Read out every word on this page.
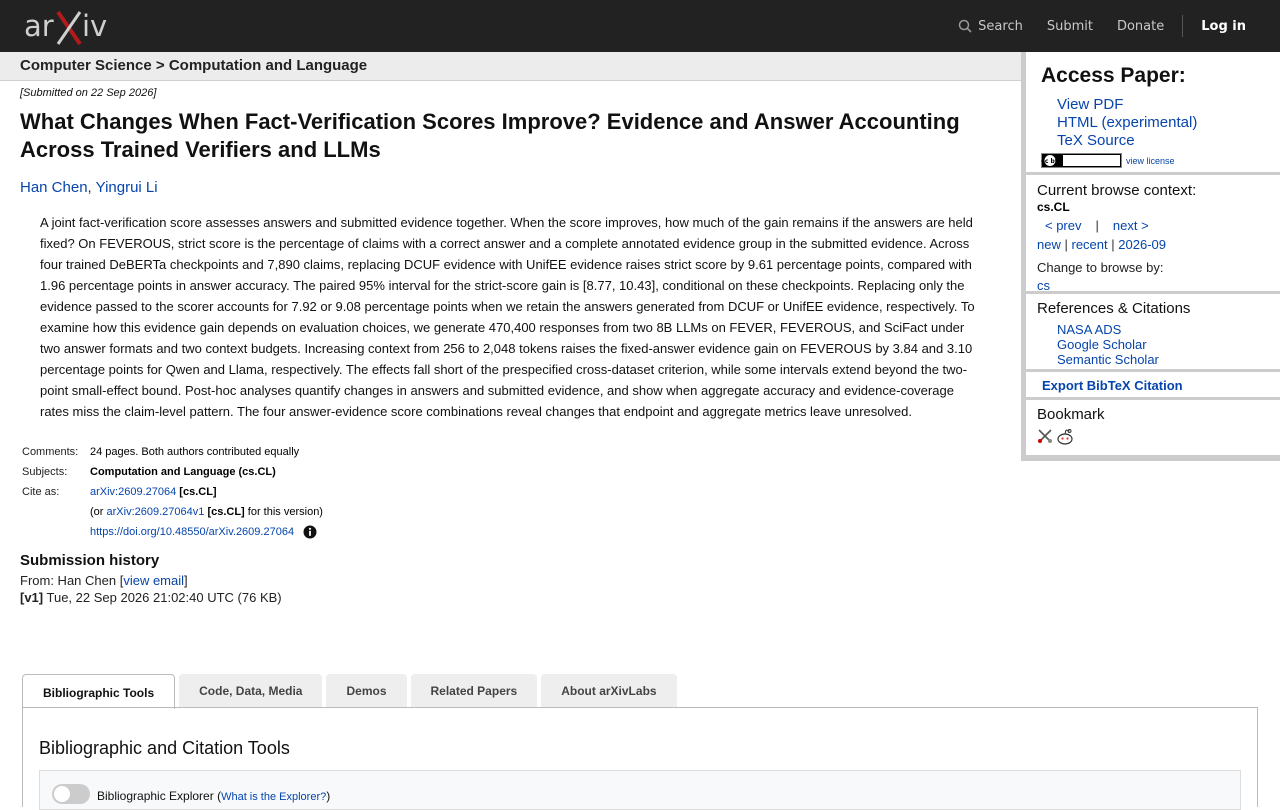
ar iv	Search Submit Donate	Log in
Computer Science > Computation and Language
[Submitted on 22 Sep 2026]
What Changes When Fact-Verification Scores Improve? Evidence and Answer Accounting Across Trained Verifiers and LLMs
Han Chen, Yingrui Li
A joint fact-verification score assesses answers and submitted evidence together. When the score improves, how much of the gain remains if the answers are held fixed? On FEVEROUS, strict score is the percentage of claims with a correct answer and a complete annotated evidence group in the submitted evidence. Across four trained DeBERTa checkpoints and 7,890 claims, replacing DCUF evidence with UnifEE evidence raises strict score by 9.61 percentage points, compared with 1.96 percentage points in answer accuracy. The paired 95% interval for the strict-score gain is [8.77, 10.43], conditional on these checkpoints. Replacing only the evidence passed to the scorer accounts for 7.92 or 9.08 percentage points when we retain the answers generated from DCUF or UnifEE evidence, respectively. To examine how this evidence gain depends on evaluation choices, we generate 470,400 responses from two 8B LLMs on FEVER, FEVEROUS, and SciFact under two answer formats and two context budgets. Increasing context from 256 to 2,048 tokens raises the fixed-answer evidence gain on FEVEROUS by 3.84 and 3.10 percentage points for Qwen and Llama, respectively. The effects fall short of the prespecified cross-dataset criterion, while some intervals extend beyond the two-point small-effect bound. Post-hoc analyses quantify changes in answers and submitted evidence, and show when aggregate accuracy and evidence-coverage rates miss the claim-level pattern. The four answer-evidence score combinations reveal changes that endpoint and aggregate metrics leave unresolved.
Comments:	24 pages. Both authors contributed equally
Subjects:	Computation and Language (cs.CL)
Cite as:	arXiv:2609.27064 [cs.CL]
	(or arXiv:2609.27064v1 [cs.CL] for this version)
	https://doi.org/10.48550/arXiv.2609.27064
Submission history
From: Han Chen [view email]
[v1] Tue, 22 Sep 2026 21:02:40 UTC (76 KB)
Bibliographic Tools	Code, Data, Media	Demos	Related Papers	About arXivLabs
Bibliographic and Citation Tools
Bibliographic Explorer (What is the Explorer?)
Access Paper:
View PDF
HTML (experimental)
TeX Source
cc by	view license
Current browse context:
cs.CL
< prev | next >
new | recent | 2026-09
Change to browse by:
cs
References & Citations
NASA ADS
Google Scholar
Semantic Scholar
Export BibTeX Citation
Bookmark
